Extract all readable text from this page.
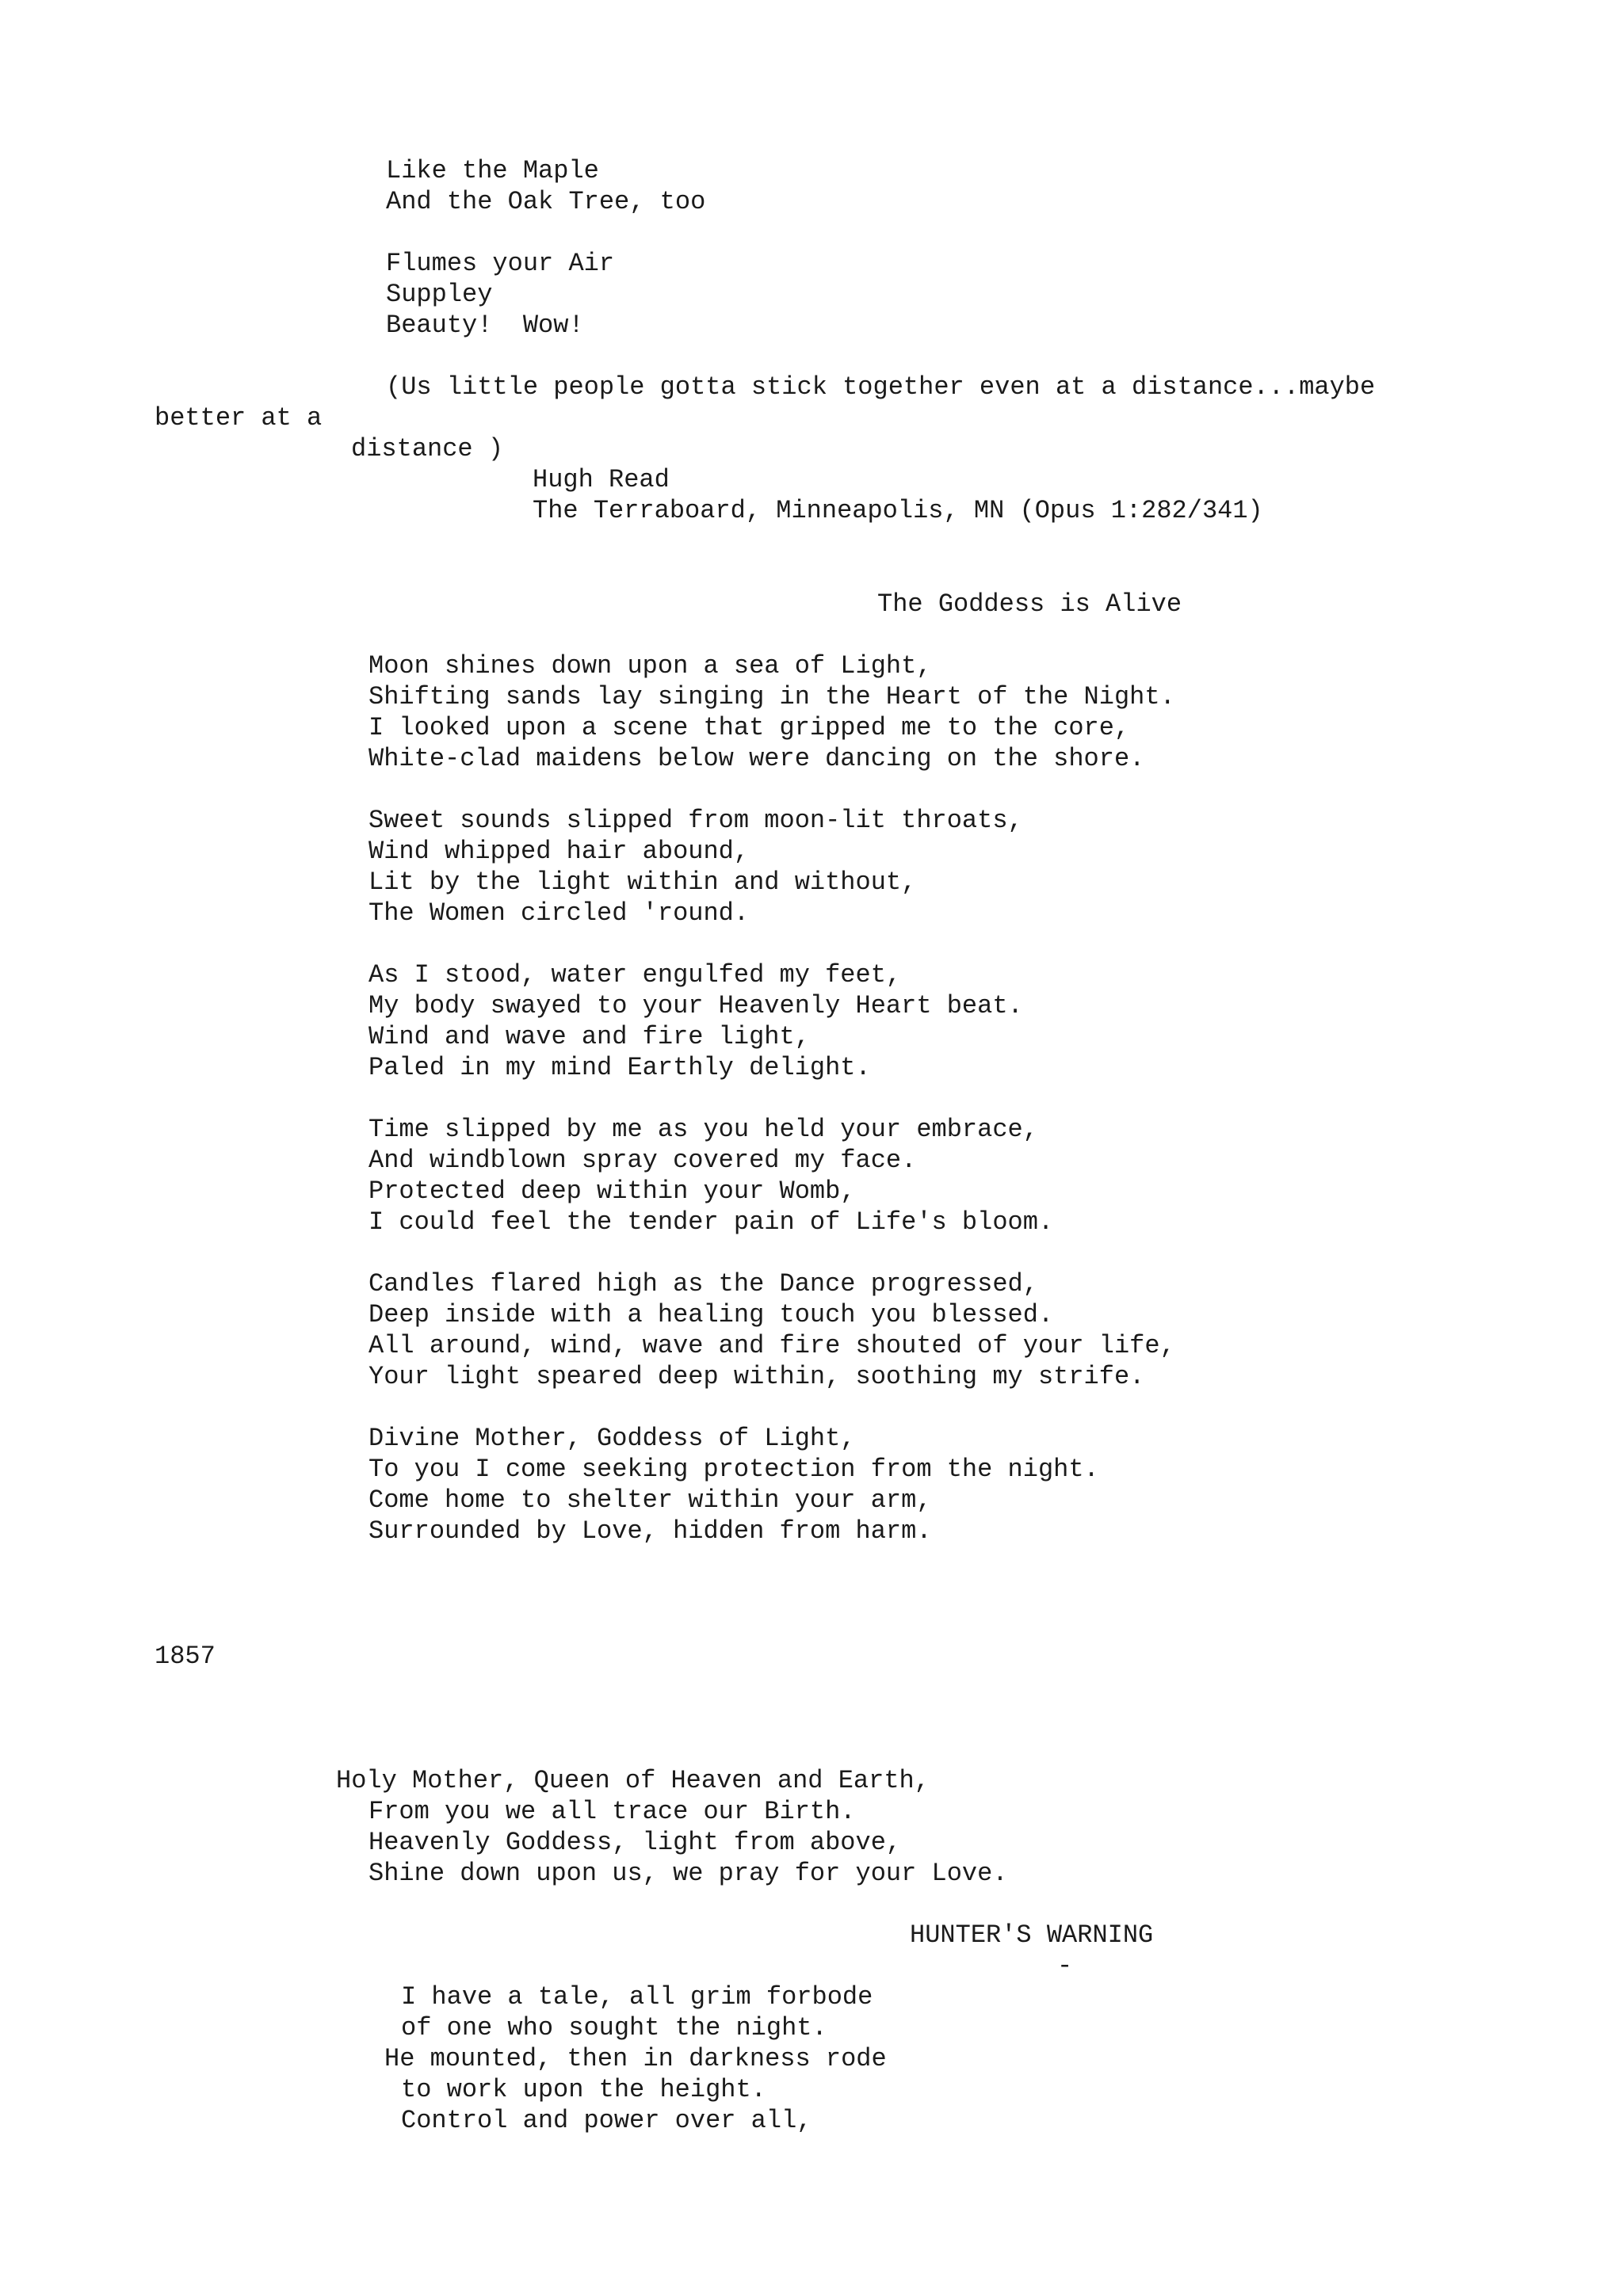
Like the Maple
And the Oak Tree, too
Flumes your Air
Suppley
Beauty!  Wow!
(Us little people gotta stick together even at a distance...maybe
better at a
distance )
Hugh Read
The Terraboard, Minneapolis, MN (Opus 1:282/341)
The Goddess is Alive
Moon shines down upon a sea of Light,
Shifting sands lay singing in the Heart of the Night.
I looked upon a scene that gripped me to the core,
White-clad maidens below were dancing on the shore.
Sweet sounds slipped from moon-lit throats,
Wind whipped hair abound,
Lit by the light within and without,
The Women circled 'round.
As I stood, water engulfed my feet,
My body swayed to your Heavenly Heart beat.
Wind and wave and fire light,
Paled in my mind Earthly delight.
Time slipped by me as you held your embrace,
And windblown spray covered my face.
Protected deep within your Womb,
I could feel the tender pain of Life's bloom.
Candles flared high as the Dance progressed,
Deep inside with a healing touch you blessed.
All around, wind, wave and fire shouted of your life,
Your light speared deep within, soothing my strife.
Divine Mother, Goddess of Light,
To you I come seeking protection from the night.
Come home to shelter within your arm,
Surrounded by Love, hidden from harm.
1857
Holy Mother, Queen of Heaven and Earth,
From you we all trace our Birth.
Heavenly Goddess, light from above,
Shine down upon us, we pray for your Love.
HUNTER'S WARNING
-
I have a tale, all grim forbode
of one who sought the night.
He mounted, then in darkness rode
to work upon the height.
Control and power over all,
